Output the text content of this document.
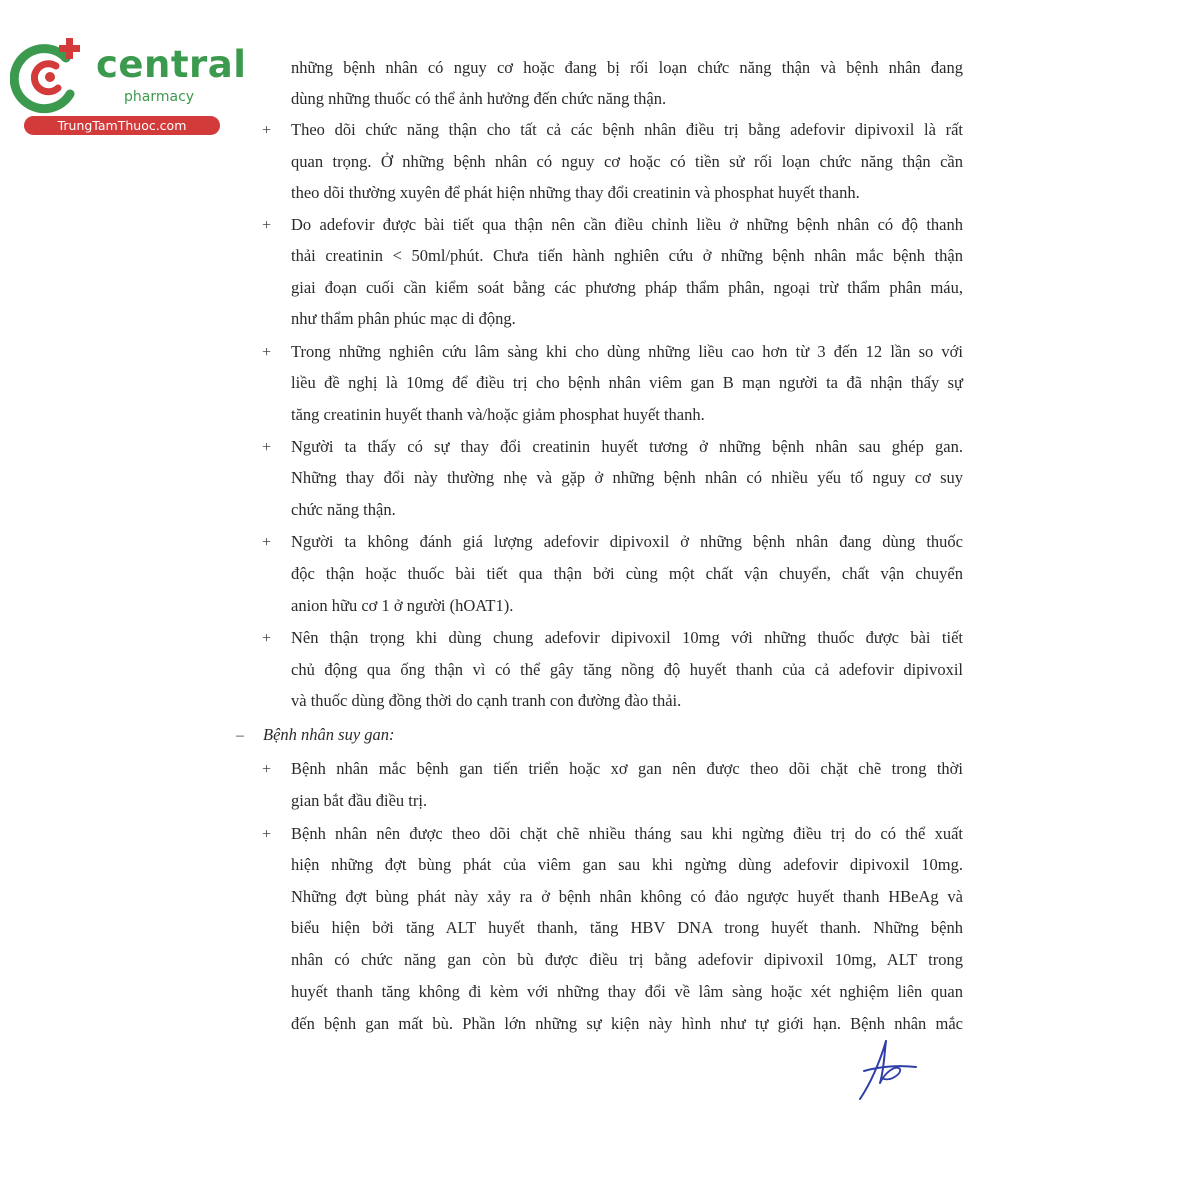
central
pharmacy
TrungTamThuoc.com
những bệnh nhân có nguy cơ hoặc đang bị rối loạn chức năng thận và bệnh nhân đang
dùng những thuốc có thể ảnh hưởng đến chức năng thận.
+ Theo dõi chức năng thận cho tất cả các bệnh nhân điều trị bằng adefovir dipivoxil là rất
quan trọng. Ở những bệnh nhân có nguy cơ hoặc có tiền sử rối loạn chức năng thận cần
theo dõi thường xuyên để phát hiện những thay đổi creatinin và phosphat huyết thanh.
+ Do adefovir được bài tiết qua thận nên cần điều chỉnh liều ở những bệnh nhân có độ thanh
thải creatinin < 50ml/phút. Chưa tiến hành nghiên cứu ở những bệnh nhân mắc bệnh thận
giai đoạn cuối cần kiểm soát bằng các phương pháp thẩm phân, ngoại trừ thẩm phân máu,
như thẩm phân phúc mạc di động.
+ Trong những nghiên cứu lâm sàng khi cho dùng những liều cao hơn từ 3 đến 12 lần so với
liều đề nghị là 10mg để điều trị cho bệnh nhân viêm gan B mạn người ta đã nhận thấy sự
tăng creatinin huyết thanh và/hoặc giảm phosphat huyết thanh.
+ Người ta thấy có sự thay đổi creatinin huyết tương ở những bệnh nhân sau ghép gan.
Những thay đổi này thường nhẹ và gặp ở những bệnh nhân có nhiều yếu tố nguy cơ suy
chức năng thận.
+ Người ta không đánh giá lượng adefovir dipivoxil ở những bệnh nhân đang dùng thuốc
độc thận hoặc thuốc bài tiết qua thận bởi cùng một chất vận chuyển, chất vận chuyển
anion hữu cơ 1 ở người (hOAT1).
+ Nên thận trọng khi dùng chung adefovir dipivoxil 10mg với những thuốc được bài tiết
chủ động qua ống thận vì có thể gây tăng nồng độ huyết thanh của cả adefovir dipivoxil
và thuốc dùng đồng thời do cạnh tranh con đường đào thải.
– Bệnh nhân suy gan:
+ Bệnh nhân mắc bệnh gan tiến triển hoặc xơ gan nên được theo dõi chặt chẽ trong thời
gian bắt đầu điều trị.
+ Bệnh nhân nên được theo dõi chặt chẽ nhiều tháng sau khi ngừng điều trị do có thể xuất
hiện những đợt bùng phát của viêm gan sau khi ngừng dùng adefovir dipivoxil 10mg.
Những đợt bùng phát này xảy ra ở bệnh nhân không có đảo ngược huyết thanh HBeAg và
biểu hiện bởi tăng ALT huyết thanh, tăng HBV DNA trong huyết thanh. Những bệnh
nhân có chức năng gan còn bù được điều trị bằng adefovir dipivoxil 10mg, ALT trong
huyết thanh tăng không đi kèm với những thay đổi về lâm sàng hoặc xét nghiệm liên quan
đến bệnh gan mất bù. Phần lớn những sự kiện này hình như tự giới hạn. Bệnh nhân mắc
